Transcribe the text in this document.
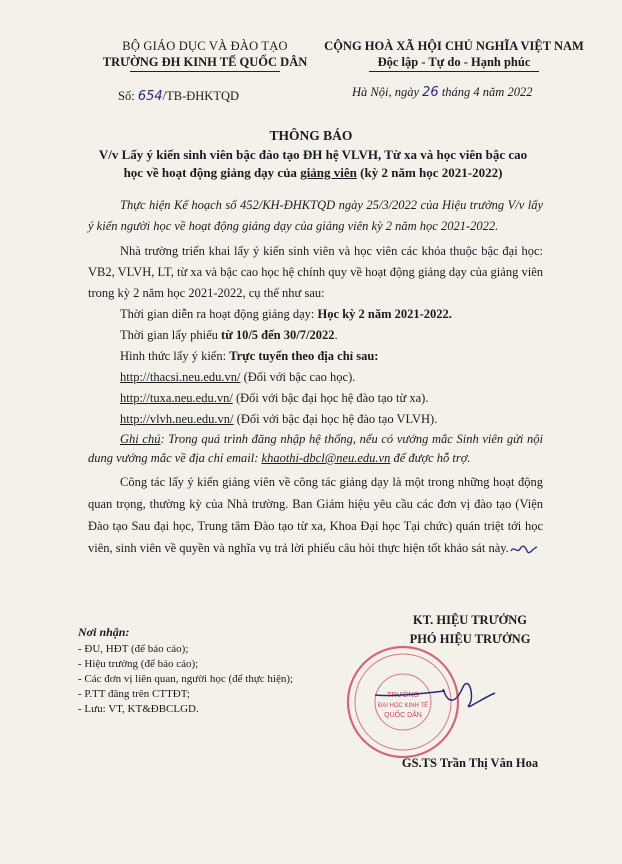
BỘ GIÁO DỤC VÀ ĐÀO TẠO
TRƯỜNG ĐH KINH TẾ QUỐC DÂN
CỘNG HOÀ XÃ HỘI CHỦ NGHĨA VIỆT NAM
Độc lập - Tự do - Hạnh phúc
Số: 654/TB-ĐHKTQD	Hà Nội, ngày 26 tháng 4 năm 2022
THÔNG BÁO
V/v Lấy ý kiến sinh viên bậc đào tạo ĐH hệ VLVH, Từ xa và học viên bậc cao
học về hoạt động giảng dạy của giảng viên (kỳ 2 năm học 2021-2022)

Thực hiện Kế hoạch số 452/KH-ĐHKTQD ngày 25/3/2022 của Hiệu trưởng V/v lấy ý kiến người học về hoạt động giảng dạy của giảng viên kỳ 2 năm học 2021-2022.

Nhà trường triển khai lấy ý kiến sinh viên và học viên các khóa thuộc bậc đại học: VB2, VLVH, LT, từ xa và bậc cao học hệ chính quy về hoạt động giảng dạy của giảng viên trong kỳ 2 năm học 2021-2022, cụ thể như sau:

Thời gian diễn ra hoạt động giảng dạy: Học kỳ 2 năm 2021-2022.

Thời gian lấy phiếu từ 10/5 đến 30/7/2022.

Hình thức lấy ý kiến: Trực tuyến theo địa chỉ sau:

http://thacsi.neu.edu.vn/ (Đối với bậc cao học).

http://tuxa.neu.edu.vn/ (Đối với bậc đại học hệ đào tạo từ xa).

http://vlvh.neu.edu.vn/ (Đối với bậc đại học hệ đào tạo VLVH).

Ghi chú: Trong quá trình đăng nhập hệ thống, nếu có vướng mắc Sinh viên gửi nội dung vướng mắc về địa chỉ email: khaothi-dbcl@neu.edu.vn để được hỗ trợ.

Công tác lấy ý kiến giảng viên về công tác giảng dạy là một trong những hoạt động quan trọng, thường kỳ của Nhà trường. Ban Giám hiệu yêu cầu các đơn vị đào tạo (Viện Đào tạo Sau đại học, Trung tâm Đào tạo từ xa, Khoa Đại học Tại chức) quán triệt tới học viên, sinh viên về quyền và nghĩa vụ trả lời phiếu câu hỏi thực hiện tốt khảo sát này.

Nơi nhận:
- ĐU, HĐT (để báo cáo);
- Hiệu trưởng (để báo cáo);
- Các đơn vị liên quan, người học (để thực hiện);
- P.TT đăng trên CTTĐT;
- Lưu: VT, KT&ĐBCLGD.
KT. HIỆU TRƯỞNG
PHÓ HIỆU TRƯỞNG
TRƯỜNG
ĐẠI HỌC KINH TẾ
QUỐC DÂN
GS.TS Trần Thị Vân Hoa
